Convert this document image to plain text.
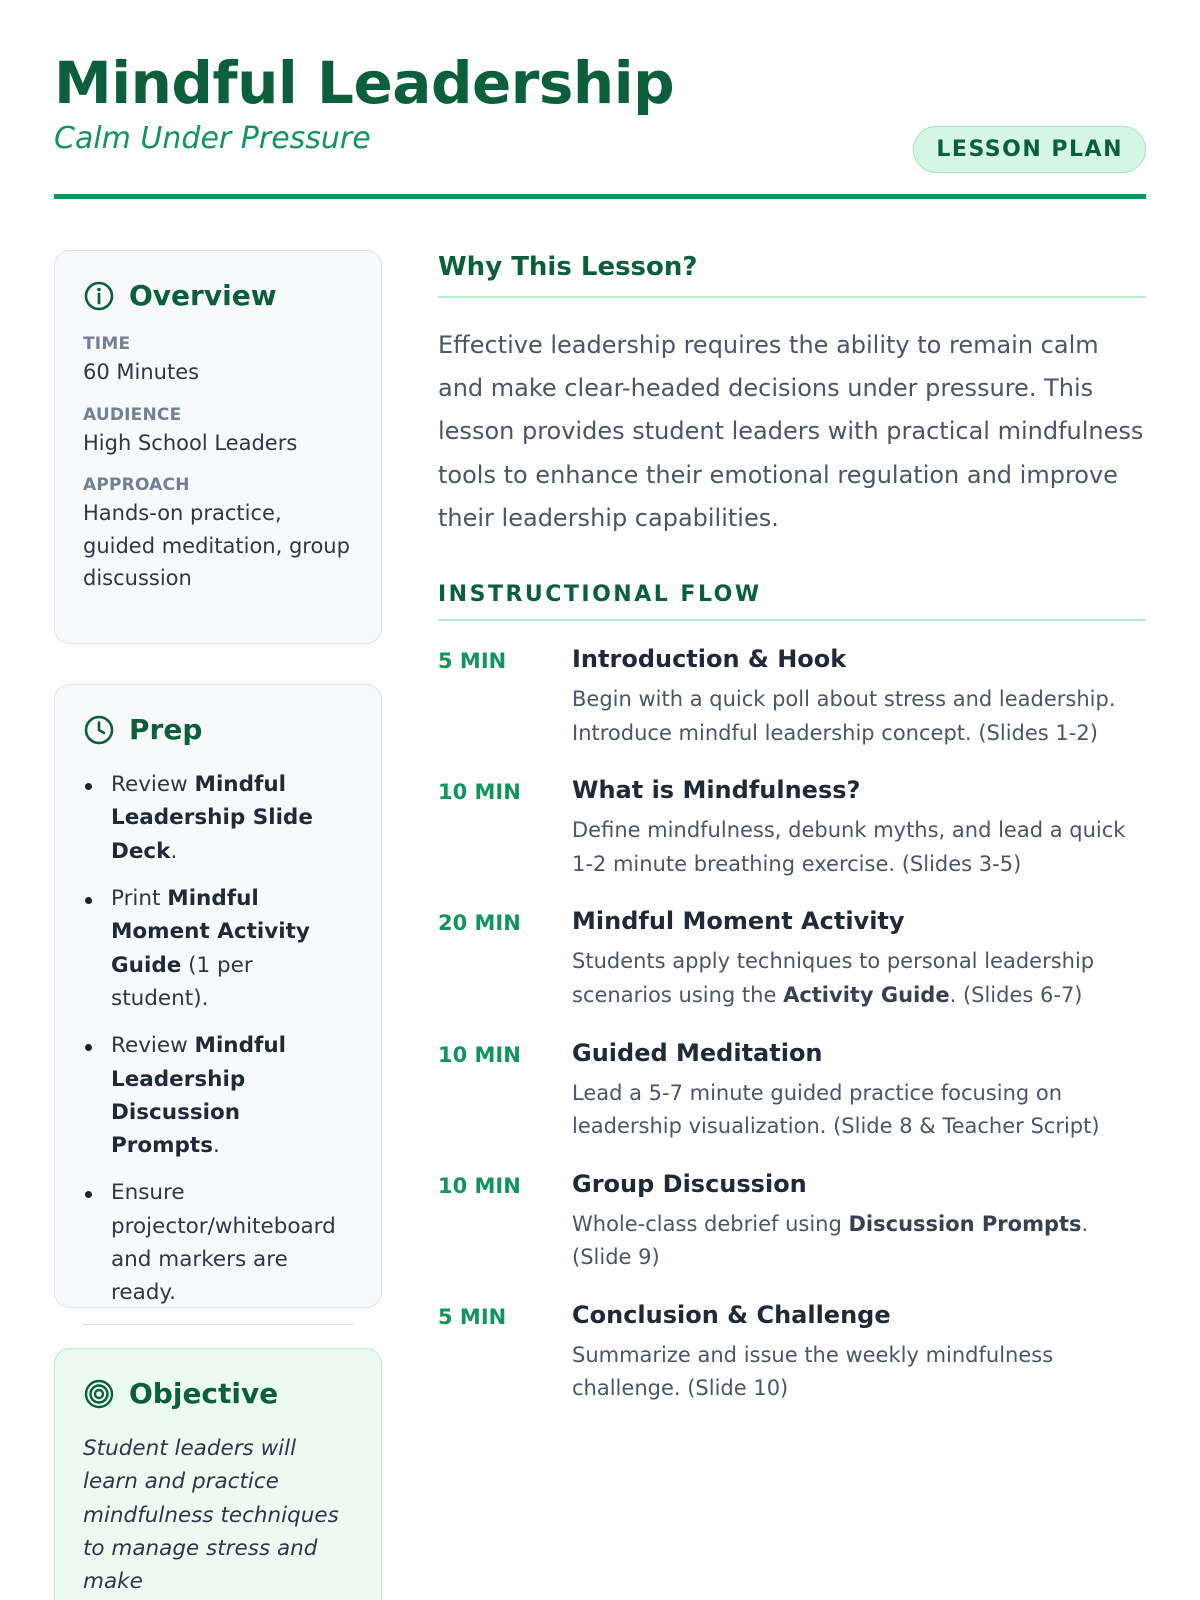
Mindful Leadership
Calm Under Pressure	LESSON PLAN
Overview
TIME
60 Minutes
AUDIENCE
High School Leaders
APPROACH
Hands-on practice, guided meditation, group discussion
Prep
Review Mindful Leadership Slide Deck.
Print Mindful Moment Activity Guide (1 per student).
Review Mindful Leadership Discussion Prompts.
Ensure projector/whiteboard and markers are ready.
Objective
Student leaders will learn and practice mindfulness techniques to manage stress and make
Why This Lesson?
Effective leadership requires the ability to remain calm and make clear-headed decisions under pressure. This lesson provides student leaders with practical mindfulness tools to enhance their emotional regulation and improve their leadership capabilities.
INSTRUCTIONAL FLOW
5 MIN	Introduction & Hook
Begin with a quick poll about stress and leadership. Introduce mindful leadership concept. (Slides 1-2)
10 MIN	What is Mindfulness?
Define mindfulness, debunk myths, and lead a quick 1-2 minute breathing exercise. (Slides 3-5)
20 MIN	Mindful Moment Activity
Students apply techniques to personal leadership scenarios using the Activity Guide. (Slides 6-7)
10 MIN	Guided Meditation
Lead a 5-7 minute guided practice focusing on leadership visualization. (Slide 8 & Teacher Script)
10 MIN	Group Discussion
Whole-class debrief using Discussion Prompts. (Slide 9)
5 MIN	Conclusion & Challenge
Summarize and issue the weekly mindfulness challenge. (Slide 10)
